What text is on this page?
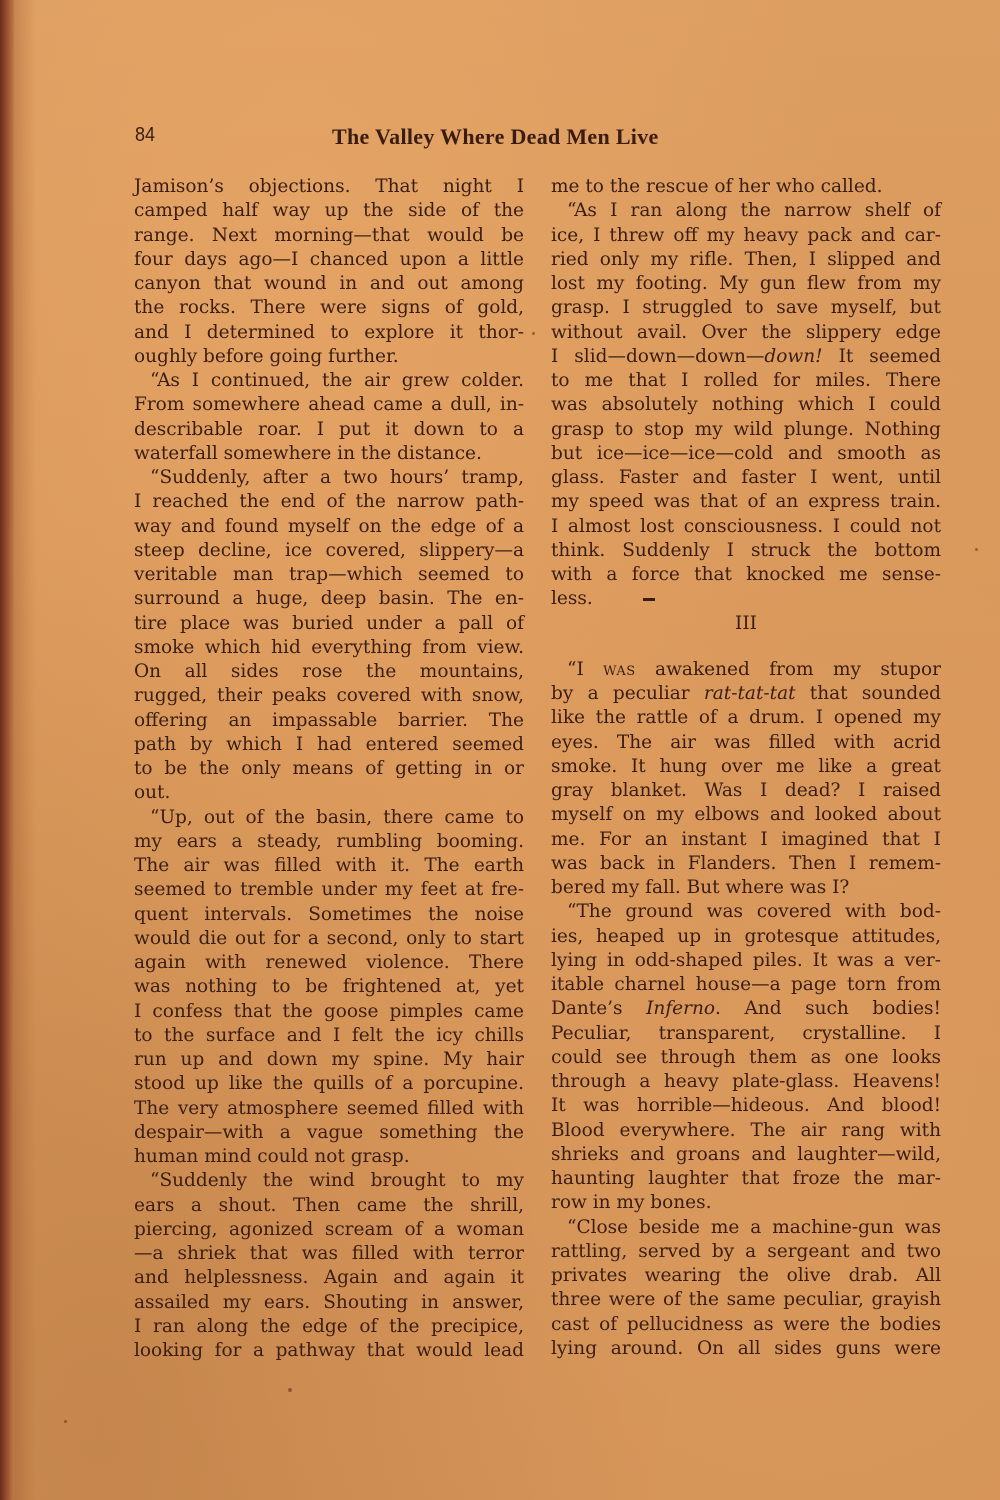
84	The Valley Where Dead Men Live
Jamison’s objections. That night I
camped half way up the side of the
range. Next morning—that would be
four days ago—I chanced upon a little
canyon that wound in and out among
the rocks. There were signs of gold,
and I determined to explore it thor-
oughly before going further.
“As I continued, the air grew colder.
From somewhere ahead came a dull, in-
describable roar. I put it down to a
waterfall somewhere in the distance.
“Suddenly, after a two hours’ tramp,
I reached the end of the narrow path-
way and found myself on the edge of a
steep decline, ice covered, slippery—a
veritable man trap—which seemed to
surround a huge, deep basin. The en-
tire place was buried under a pall of
smoke which hid everything from view.
On all sides rose the mountains,
rugged, their peaks covered with snow,
offering an impassable barrier. The
path by which I had entered seemed
to be the only means of getting in or
out.
“Up, out of the basin, there came to
my ears a steady, rumbling booming.
The air was filled with it. The earth
seemed to tremble under my feet at fre-
quent intervals. Sometimes the noise
would die out for a second, only to start
again with renewed violence. There
was nothing to be frightened at, yet
I confess that the goose pimples came
to the surface and I felt the icy chills
run up and down my spine. My hair
stood up like the quills of a porcupine.
The very atmosphere seemed filled with
despair—with a vague something the
human mind could not grasp.
“Suddenly the wind brought to my
ears a shout. Then came the shrill,
piercing, agonized scream of a woman
—a shriek that was filled with terror
and helplessness. Again and again it
assailed my ears. Shouting in answer,
I ran along the edge of the precipice,
looking for a pathway that would lead
me to the rescue of her who called.
“As I ran along the narrow shelf of
ice, I threw off my heavy pack and car-
ried only my rifle. Then, I slipped and
lost my footing. My gun flew from my
grasp. I struggled to save myself, but
without avail. Over the slippery edge
I slid—down—down—down! It seemed
to me that I rolled for miles. There
was absolutely nothing which I could
grasp to stop my wild plunge. Nothing
but ice—ice—ice—cold and smooth as
glass. Faster and faster I went, until
my speed was that of an express train.
I almost lost consciousness. I could not
think. Suddenly I struck the bottom
with a force that knocked me sense-
less.
III
“I was awakened from my stupor
by a peculiar rat-tat-tat that sounded
like the rattle of a drum. I opened my
eyes. The air was filled with acrid
smoke. It hung over me like a great
gray blanket. Was I dead? I raised
myself on my elbows and looked about
me. For an instant I imagined that I
was back in Flanders. Then I remem-
bered my fall. But where was I?
“The ground was covered with bod-
ies, heaped up in grotesque attitudes,
lying in odd-shaped piles. It was a ver-
itable charnel house—a page torn from
Dante’s Inferno. And such bodies!
Peculiar, transparent, crystalline. I
could see through them as one looks
through a heavy plate-glass. Heavens!
It was horrible—hideous. And blood!
Blood everywhere. The air rang with
shrieks and groans and laughter—wild,
haunting laughter that froze the mar-
row in my bones.
“Close beside me a machine-gun was
rattling, served by a sergeant and two
privates wearing the olive drab. All
three were of the same peculiar, grayish
cast of pellucidness as were the bodies
lying around. On all sides guns were
